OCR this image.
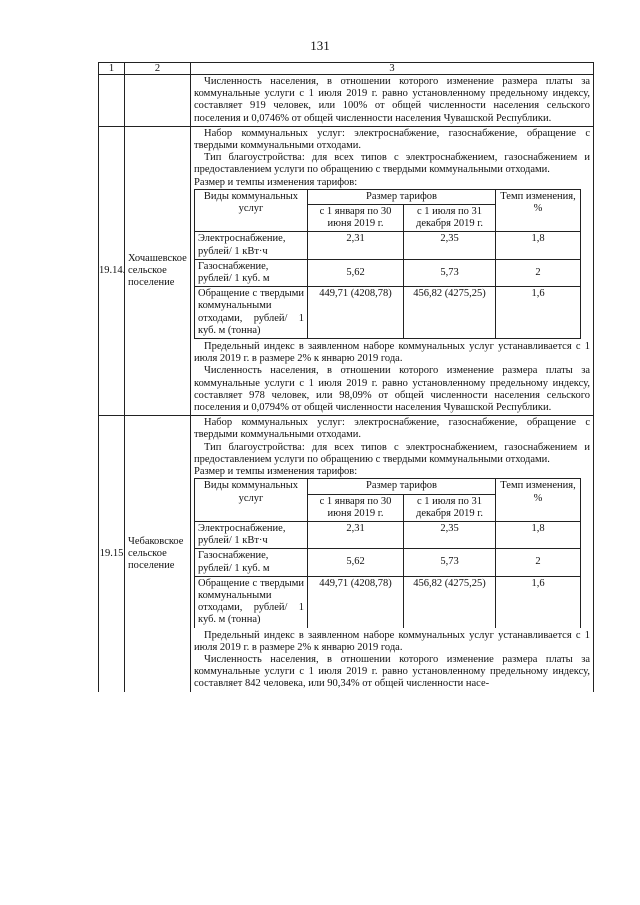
131
1	2	3

Численность населения, в отношении которого изменение размера платы за коммунальные услуги с 1 июля 2019 г. равно установленному предельному индексу, составляет 919 человек, или 100% от общей численности населения сельского поселения и 0,0746% от общей численности населения Чувашской Республики.

19.14.	Хочашевское сельское поселение	

Набор коммунальных услуг: электроснабжение, газоснабжение, обращение с твердыми коммунальными отходами.

Тип благоустройства: для всех типов с электроснабжением, газоснабжением и предоставлением услуги по обращению с твердыми коммунальными отходами.

Размер и темпы изменения тарифов:

Виды коммунальных услуг	Размер тарифов	Темп изменения, %
с 1 января по 30 июня 2019 г.	с 1 июля по 31 декабря 2019 г.
Электроснабжение, рублей/ 1 кВт·ч	2,31	2,35	1,8
Газоснабжение, рублей/ 1 куб. м	5,62	5,73	2
Обращение с твердыми коммунальными отходами, рублей/ 1 куб. м (тонна)	449,71 (4208,78)	456,82 (4275,25)	1,6

Предельный индекс в заявленном наборе коммунальных услуг устанавливается с 1 июля 2019 г. в размере 2% к январю 2019 года.

Численность населения, в отношении которого изменение размера платы за коммунальные услуги с 1 июля 2019 г. равно установленному предельному индексу, составляет 978 человек, или 98,09% от общей численности населения сельского поселения и 0,0794% от общей численности населения Чувашской Республики.

19.15	Чебаковское сельское поселение	

Набор коммунальных услуг: электроснабжение, газоснабжение, обращение с твердыми коммунальными отходами.

Тип благоустройства: для всех типов с электроснабжением, газоснабжением и предоставлением услуги по обращению с твердыми коммунальными отходами.

Размер и темпы изменения тарифов:

Виды коммунальных услуг	Размер тарифов	Темп изменения, %
с 1 января по 30 июня 2019 г.	с 1 июля по 31 декабря 2019 г.
Электроснабжение, рублей/ 1 кВт·ч	2,31	2,35	1,8
Газоснабжение, рублей/ 1 куб. м	5,62	5,73	2
Обращение с твердыми коммунальными отходами, рублей/ 1 куб. м (тонна)	449,71 (4208,78)	456,82 (4275,25)	1,6

Предельный индекс в заявленном наборе коммунальных услуг устанавливается с 1 июля 2019 г. в размере 2% к январю 2019 года.

Численность населения, в отношении которого изменение размера платы за коммунальные услуги с 1 июля 2019 г. равно установленному предельному индексу, составляет 842 человека, или 90,34% от общей численности насе-
